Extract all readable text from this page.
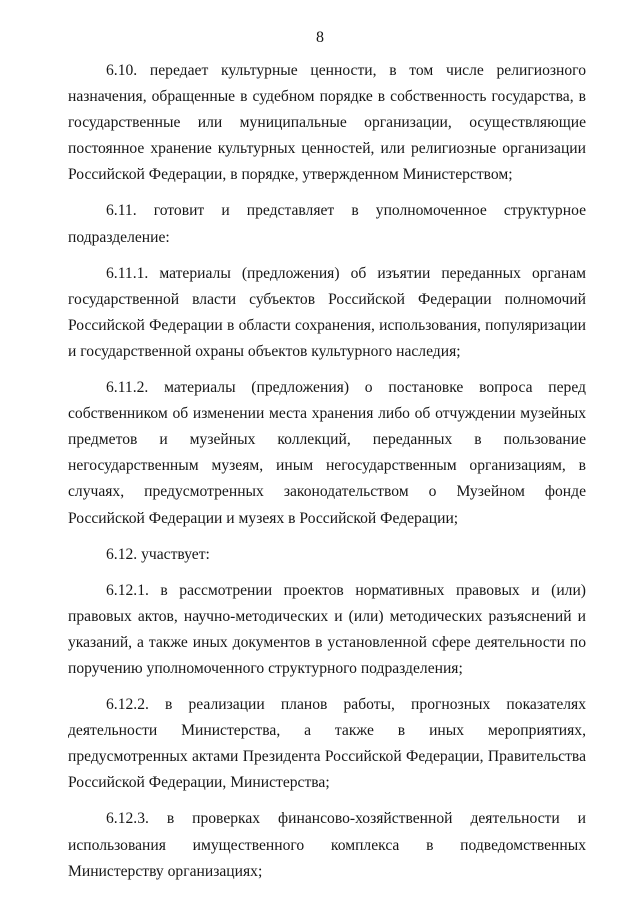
8

6.10. передает культурные ценности, в том числе религиозного назначения, обращенные в судебном порядке в собственность государства, в государственные или муниципальные организации, осуществляющие постоянное хранение культурных ценностей, или религиозные организации Российской Федерации, в порядке, утвержденном Министерством;

6.11. готовит и представляет в уполномоченное структурное подразделение:

6.11.1. материалы (предложения) об изъятии переданных органам государственной власти субъектов Российской Федерации полномочий Российской Федерации в области сохранения, использования, популяризации и государственной охраны объектов культурного наследия;

6.11.2. материалы (предложения) о постановке вопроса перед собственником об изменении места хранения либо об отчуждении музейных предметов и музейных коллекций, переданных в пользование негосударственным музеям, иным негосударственным организациям, в случаях, предусмотренных законодательством о Музейном фонде Российской Федерации и музеях в Российской Федерации;

6.12. участвует:

6.12.1. в рассмотрении проектов нормативных правовых и (или) правовых актов, научно-методических и (или) методических разъяснений и указаний, а также иных документов в установленной сфере деятельности по поручению уполномоченного структурного подразделения;

6.12.2. в реализации планов работы, прогнозных показателях деятельности Министерства, а также в иных мероприятиях, предусмотренных актами Президента Российской Федерации, Правительства Российской Федерации, Министерства;

6.12.3. в проверках финансово-хозяйственной деятельности и использования имущественного комплекса в подведомственных Министерству организациях;
